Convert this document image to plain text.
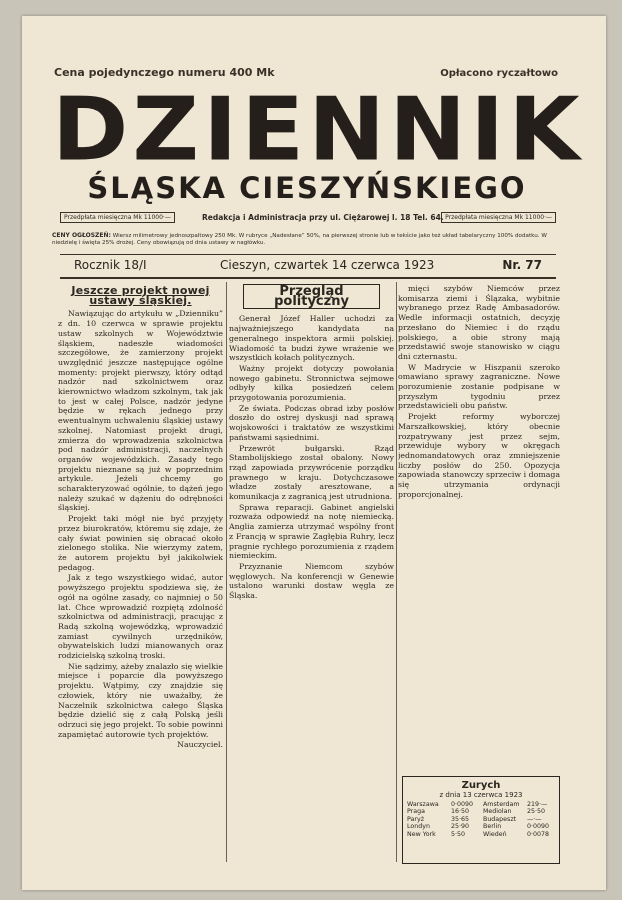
Cena pojedynczego numeru 400 Mk	Opłacono ryczałtowo
DZIENNIK
ŚLĄSKA CIESZYŃSKIEGO
Przedpłata miesięczna Mk 11000·—	Redakcja i Administracja przy ul. Ciężarowej l. 18 Tel. 64. Przedpłata miesięczna Mk 11000·—
CENY OGŁOSZEŃ: Wiersz milimetrowy jednoszpaltowy 250 Mk. W rubryce „Nadesłane” 50%, na pierwszej stronie lub w tekście jako też układ tabelaryczny 100% dodatku. W niedzielę i święta 25% drożej. Ceny obowiązują od dnia ustawy w nagłówku.
Rocznik 18/I	Cieszyn, czwartek 14 czerwca 1923	Nr. 77
Jeszcze projekt nowej ustawy śląskiej.

Nawiązując do artykułu w „Dzienniku” z dn. 10 czerwca w sprawie projektu ustaw szkolnych w Województwie śląskiem, nadeszłe wiadomości szczegółowe, że zamierzony projekt uwzględnić jeszcze następujące ogólne momenty: projekt pierwszy, który odtąd nadzór nad szkolnictwem oraz kierownictwo władzom szkolnym, tak jak to jest w całej Polsce, nadzór jedyne będzie w rękach jednego przy ewentualnym uchwaleniu śląskiej ustawy szkolnej. Natomiast projekt drugi, zmierza do wprowadzenia szkolnictwa pod nadzór administracji, naczelnych organów wojewódzkich. Zasady tego projektu nieznane są już w poprzednim artykule. Jeżeli chcemy go scharakteryzować ogólnie, to dążeń jego należy szukać w dążeniu do odrębności śląskiej.

Projekt taki mógł nie być przyjęty przez biurokratów, któremu się zdaje, że cały świat powinien się obracać około zielonego stolika. Nie wierzymy zatem, że autorem projektu był jakikolwiek pedagog.

Jak z tego wszystkiego widać, autor powyższego projektu spodziewa się, że ogół na ogólne zasady, co najmniej o 50 lat. Chce wprowadzić rozpiętą zdolność szkolnictwa od administracji, pracując z Radą szkolną wojewódzką, wprowadzić zamiast cywilnych urzędników, obywatelskich ludzi mianowanych oraz rodzicielską szkolną troski.

Nie sądzimy, ażeby znalazło się wielkie miejsce i poparcie dla powyższego projektu. Wątpimy, czy znajdzie się człowiek, który nie uważałby, że Naczelnik szkolnictwa całego Śląska będzie dzielić się z całą Polską jeśli odrzuci się jego projekt. To sobie powinni zapamiętać autorowie tych projektów.

Nauczyciel.

Przegląd polityczny

Generał Józef Haller uchodzi za najważniejszego kandydata na generalnego inspektora armii polskiej. Wiadomość ta budzi żywe wrażenie we wszystkich kołach politycznych.

Ważny projekt dotyczy powołania nowego gabinetu. Stronnictwa sejmowe odbyły kilka posiedzeń celem przygotowania porozumienia.

Ze świata. Podczas obrad izby posłów doszło do ostrej dyskusji nad sprawą wojskowości i traktatów ze wszystkimi państwami sąsiednimi.

Przewrót bułgarski. Rząd Stambolijskiego został obalony. Nowy rząd zapowiada przywrócenie porządku prawnego w kraju. Dotychczasowe władze zostały aresztowane, a komunikacja z zagranicą jest utrudniona.

Sprawa reparacji. Gabinet angielski rozważa odpowiedź na notę niemiecką. Anglia zamierza utrzymać wspólny front z Francją w sprawie Zagłębia Ruhry, lecz pragnie rychłego porozumienia z rządem niemieckim.

Przyznanie Niemcom szybów węglowych. Na konferencji w Genewie ustalono warunki dostaw węgla ze Śląska.

mięci szybów Niemców przez komisarza ziemi i Ślązaka, wybitnie wybranego przez Radę Ambasadorów. Wedle informacji ostatnich, decyzję przesłano do Niemiec i do rządu polskiego, a obie strony mają przedstawić swoje stanowisko w ciągu dni czternastu.

W Madrycie w Hiszpanii szeroko omawiano sprawy zagraniczne. Nowe porozumienie zostanie podpisane w przyszłym tygodniu przez przedstawicieli obu państw.

Projekt reformy wyborczej Marszałkowskiej, który obecnie rozpatrywany jest przez sejm, przewiduje wybory w okręgach jednomandatowych oraz zmniejszenie liczby posłów do 250. Opozycja zapowiada stanowczy sprzeciw i domaga się utrzymania ordynacji proporcjonalnej.

Zurych
z dnia 13 czerwca 1923
Warszawa 0·0090 Amsterdam 219·—
Praga	16·50 Mediolan 25·50
Paryż	35·65 Budapeszt —·—
Londyn	25·90 Berlin	0·0090
New York 5·50	Wiedeń	0·0078
